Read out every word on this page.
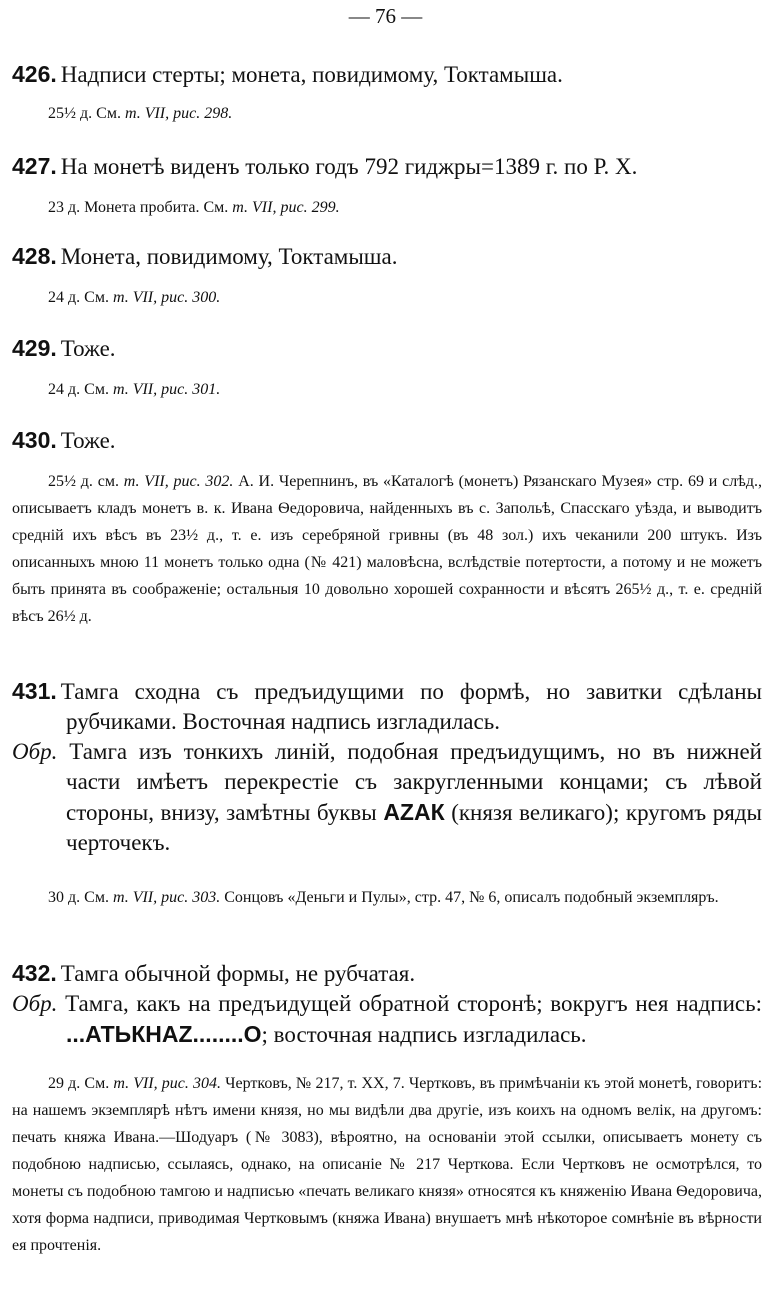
— 76 —
426. Надписи стерты; монета, повидимому, Токтамыша.
25½ д. См. т. VII, рис. 298.
427. На монетѣ виденъ только годъ 792 гиджры=1389 г. по Р. Х.
23 д. Монета пробита. См. т. VII, рис. 299.
428. Монета, повидимому, Токтамыша.
24 д. См. т. VII, рис. 300.
429. Тоже.
24 д. См. т. VII, рис. 301.
430. Тоже.
25½ д. см. т. VII, рис. 302. А. И. Черепнинъ, въ «Каталогѣ (монетъ) Рязанскаго Музея» стр. 69 и слѣд., описываетъ кладъ монетъ в. к. Ивана Ѳедоровича, найденныхъ въ с. Запольѣ, Спасскаго уѣзда, и выводитъ средній ихъ вѣсъ въ 23½ д., т. е. изъ серебряной гривны (въ 48 зол.) ихъ чеканили 200 штукъ. Изъ описанныхъ мною 11 монетъ только одна (№ 421) маловѣсна, вслѣдствіе потертости, а потому и не можетъ быть принята въ соображеніе; остальныя 10 довольно хорошей сохранности и вѣсятъ 265½ д., т. е. средній вѣсъ 26½ д.
431. Тамга сходна съ предъидущими по формѣ, но завитки сдѣланы рубчиками. Восточная надпись изгладилась.
Обр. Тамга изъ тонкихъ линій, подобная предъидущимъ, но въ нижней части имѣетъ перекрестіе съ закругленными концами; съ лѣвой стороны, внизу, замѣтны буквы АZАК (князя великаго); кругомъ ряды черточекъ.
30 д. См. т. VII, рис. 303. Сонцовъ «Деньги и Пулы», стр. 47, № 6, описалъ подобный экземпляръ.
432. Тамга обычной формы, не рубчатая.
Обр. Тамга, какъ на предъидущей обратной сторонѣ; вокругъ нея надпись: ...АТЬКНАZ........О; восточная надпись изгладилась.
29 д. См. т. VII, рис. 304. Чертковъ, № 217, т. XX, 7. Чертковъ, въ примѣчаніи къ этой монетѣ, говоритъ: на нашемъ экземплярѣ нѣтъ имени князя, но мы видѣли два другіе, изъ коихъ на одномъ велік, на другомъ: печать княжа Ивана.—Шодуаръ (№ 3083), вѣроятно, на основаніи этой ссылки, описываетъ монету съ подобною надписью, ссылаясь, однако, на описаніе № 217 Черткова. Если Чертковъ не осмотрѣлся, то монеты съ подобною тамгою и надписью «печать великаго князя» относятся къ княженію Ивана Ѳедоровича, хотя форма надписи, приводимая Чертковымъ (княжа Ивана) внушаетъ мнѣ нѣкоторое сомнѣніе въ вѣрности ея прочтенія.
